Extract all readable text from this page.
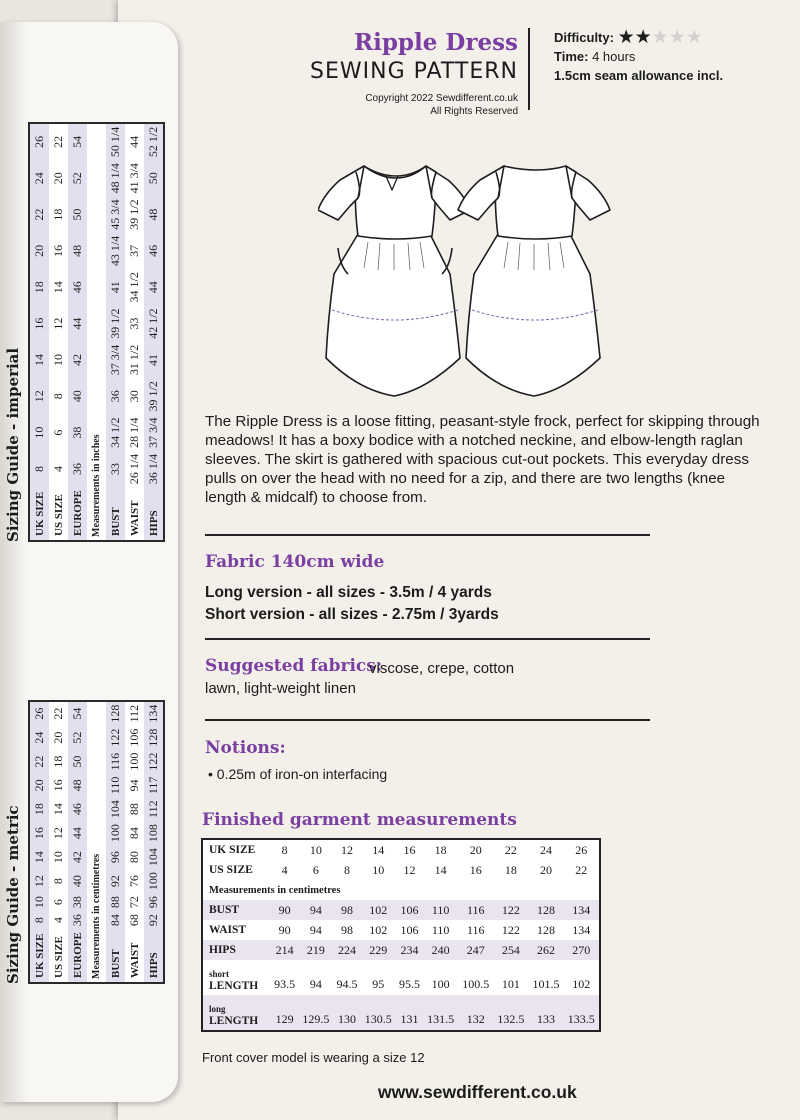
Sizing Guide - imperial UK SIZE	8	10	12	14	16	18	20	22	24	26
US SIZE	4	6	8	10	12	14	16	18	20	22
EUROPE	36	38	40	42	44	46	48	50	52	54
Measurements in inches										
BUST	33	34 1/2	36	37 3/4	39 1/2	41	43 1/4	45 3/4	48 1/4	50 1/4
WAIST	26 1/4	28 1/4	30	31 1/2	33	34 1/2	37	39 1/2	41 3/4	44
HIPS	36 1/4	37 3/4	39 1/2	41	42 1/2	44	46	48	50	52 1/2
Sizing Guide - metric UK SIZE	8	10	12	14	16	18	20	22	24	26
US SIZE	4	6	8	10	12	14	16	18	20	22
EUROPE	36	38	40	42	44	46	48	50	52	54
Measurements in centimetres										
BUST	84	88	92	96	100	104	110	116	122	128
WAIST	68	72	76	80	84	88	94	100	106	112
HIPS	92	96	100	104	108	112	117	122	128	134
Ripple Dress
SEWING PATTERN
Copyright 2022 Sewdifferent.co.uk
All Rights Reserved
Difficulty: ★★★★★
Time: 4 hours
1.5cm seam allowance incl.
The Ripple Dress is a loose fitting, peasant-style frock, perfect for skipping through meadows! It has a boxy bodice with a notched neckine, and elbow-length raglan sleeves. The skirt is gathered with spacious cut-out pockets. This everyday dress pulls on over the head with no need for a zip, and there are two lengths (knee length & midcalf) to choose from.
Fabric 140cm wide
Long version - all sizes - 3.5m / 4 yards
Short version - all sizes - 2.75m / 3yards
Suggested fabrics:
viscose, crepe, cotton
lawn, light-weight linen
Notions:
• 0.25m of iron-on interfacing
Finished garment measurements
UK SIZE	8	10	12	14	16	18	20	22	24	26
US SIZE	4	6	8	10	12	14	16	18	20	22
Measurements in centimetres										
BUST	90	94	98	102	106	110	116	122	128	134
WAIST	90	94	98	102	106	110	116	122	128	134
HIPS	214	219	224	229	234	240	247	254	262	270
short
LENGTH	93.5	94	94.5	95	95.5	100	100.5	101	101.5	102
long
LENGTH	129	129.5	130	130.5	131	131.5	132	132.5	133	133.5
Front cover model is wearing a size 12
www.sewdifferent.co.uk
